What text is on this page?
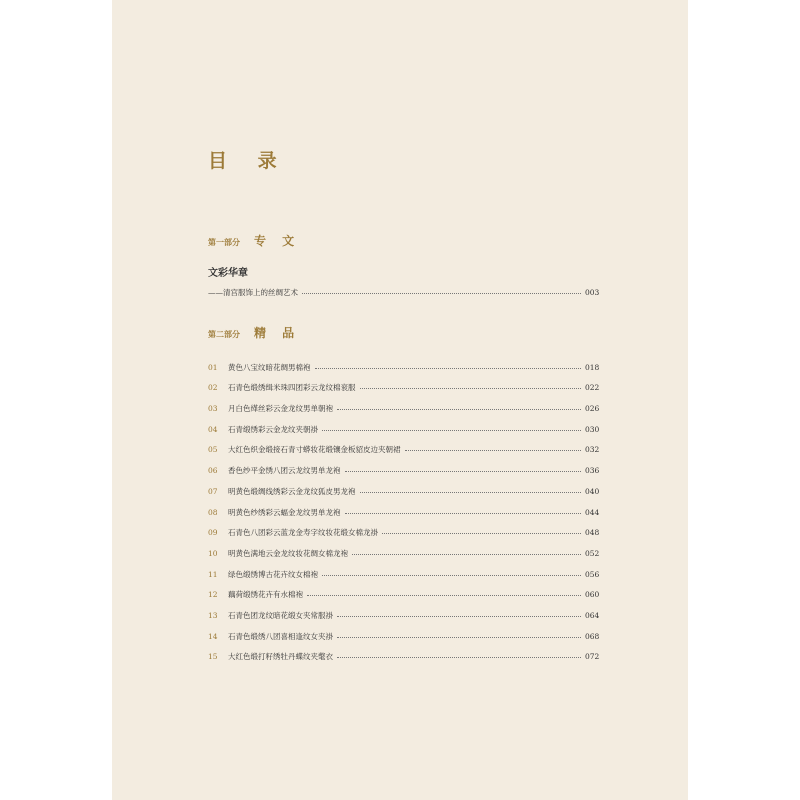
目 录
第一部分 专 文
文彩华章
——清宫服饰上的丝绸艺术	003
第二部分 精 品
01	黄色八宝纹暗花绸男棉袍	018
02	石青色缎绣缉米珠四团彩云龙纹棉衮服	022
03	月白色缂丝彩云金龙纹男单朝袍	026
04	石青缎绣彩云金龙纹夹朝褂	030
05	大红色织金缎接石青寸蟒妆花缎镶金板貂皮边夹朝裙	032
06	香色纱平金绣八团云龙纹男单龙袍	036
07	明黄色缎绸线绣彩云金龙纹狐皮男龙袍	040
08	明黄色纱绣彩云蝠金龙纹男单龙袍	044
09	石青色八团彩云蓝龙金寿字纹妆花缎女棉龙褂	048
10	明黄色满地云金龙纹妆花绸女棉龙袍	052
11	绿色缎绣博古花卉纹女棉袍	056
12	藕荷缎绣花卉有水棉袍	060
13	石青色团龙纹暗花缎女夹常服褂	064
14	石青色缎绣八团喜相逢纹女夹褂	068
15	大红色缎打籽绣牡丹蝶纹夹氅衣	072
